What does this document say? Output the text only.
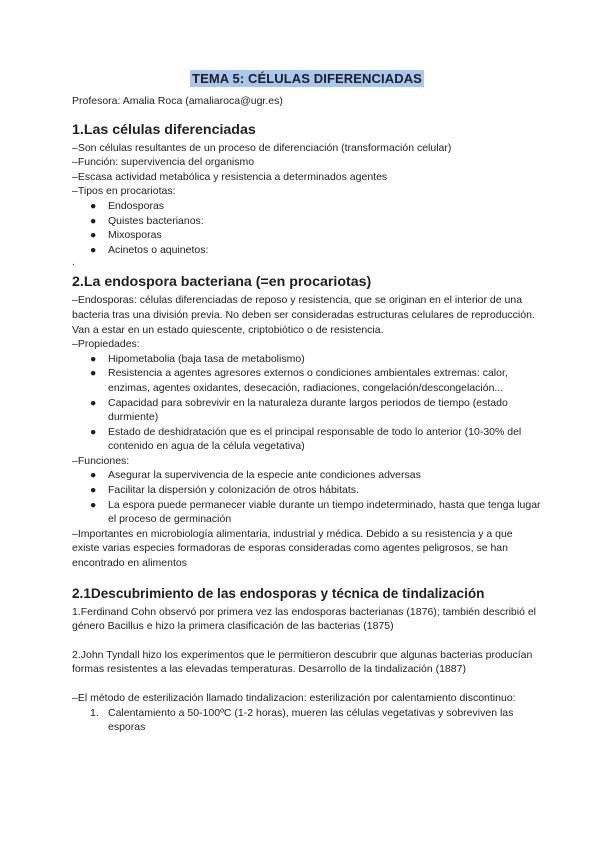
TEMA 5: CÉLULAS DIFERENCIADAS

Profesora: Amalia Roca (amaliaroca@ugr.es)

1.Las células diferenciadas

–Son células resultantes de un proceso de diferenciación (transformación celular)

–Función: supervivencia del organismo

–Escasa actividad metabólica y resistencia a determinados agentes

–Tipos en procariotas:

● Endosporas
● Quistes bacterianos:
● Mixosporas
● Acinetos o aquinetos:

.

2.La endospora bacteriana (=en procariotas)

–Endosporas: células diferenciadas de reposo y resistencia, que se originan en el interior de una bacteria tras una división previa. No deben ser consideradas estructuras celulares de reproducción. Van a estar en un estado quiescente, criptobiótico o de resistencia.

–Propiedades:

● Hipometabolia (baja tasa de metabolismo)
● Resistencia a agentes agresores externos o condiciones ambientales extremas: calor, enzimas, agentes oxidantes, desecación, radiaciones, congelación/descongelación...
● Capacidad para sobrevivir en la naturaleza durante largos periodos de tiempo (estado durmiente)
● Estado de deshidratación que es el principal responsable de todo lo anterior (10-30% del contenido en agua de la célula vegetativa)

–Funciones:

● Asegurar la supervivencia de la especie ante condiciones adversas
● Facilitar la dispersión y colonización de otros hábitats.
● La espora puede permanecer viable durante un tiempo indeterminado, hasta que tenga lugar el proceso de germinación

–Importantes en microbiología alimentaria, industrial y médica. Debido a su resistencia y a que existe varias especies formadoras de esporas consideradas como agentes peligrosos, se han encontrado en alimentos

2.1Descubrimiento de las endosporas y técnica de tindalización

1.Ferdinand Cohn observó por primera vez las endosporas bacterianas (1876); también describió el género Bacillus e hizo la primera clasificación de las bacterias (1875)

2.John Tyndall hizo los experimentos que le permitieron descubrir que algunas bacterias producían formas resistentes a las elevadas temperaturas. Desarrollo de la tindalización (1887)

–El método de esterilización llamado tindalizacion: esterilización por calentamiento discontinuo:

1. Calentamiento a 50-100ºC (1-2 horas), mueren las células vegetativas y sobreviven las esporas
